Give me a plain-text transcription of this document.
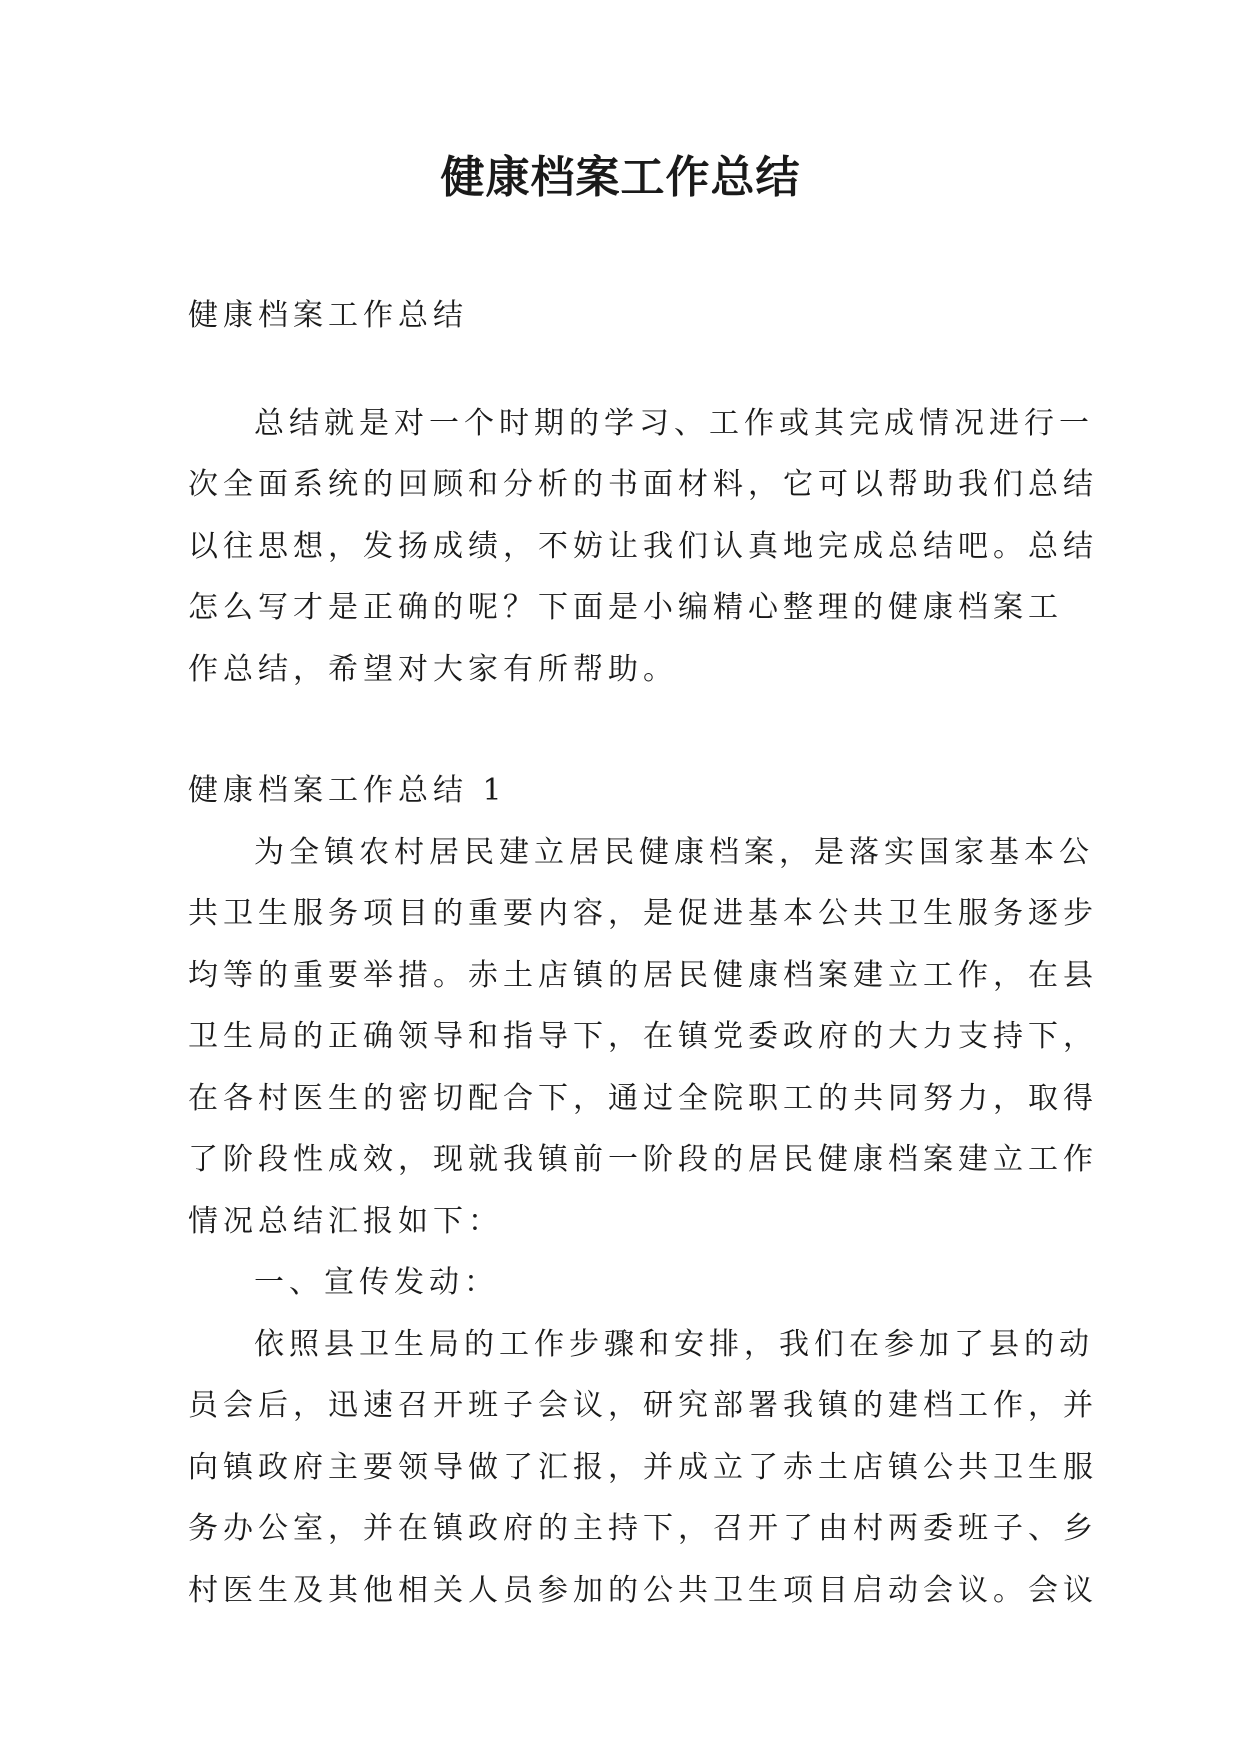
健康档案工作总结

健康档案工作总结

总结就是对一个时期的学习、工作或其完成情况进行一

次全面系统的回顾和分析的书面材料，它可以帮助我们总结

以往思想，发扬成绩，不妨让我们认真地完成总结吧。总结

怎么写才是正确的呢？下面是小编精心整理的健康档案工

作总结，希望对大家有所帮助。

健康档案工作总结 1

为全镇农村居民建立居民健康档案，是落实国家基本公

共卫生服务项目的重要内容，是促进基本公共卫生服务逐步

均等的重要举措。赤土店镇的居民健康档案建立工作，在县

卫生局的正确领导和指导下，在镇党委政府的大力支持下，

在各村医生的密切配合下，通过全院职工的共同努力，取得

了阶段性成效，现就我镇前一阶段的居民健康档案建立工作

情况总结汇报如下：

一、宣传发动：

依照县卫生局的工作步骤和安排，我们在参加了县的动

员会后，迅速召开班子会议，研究部署我镇的建档工作，并

向镇政府主要领导做了汇报，并成立了赤土店镇公共卫生服

务办公室，并在镇政府的主持下，召开了由村两委班子、乡

村医生及其他相关人员参加的公共卫生项目启动会议。会议
